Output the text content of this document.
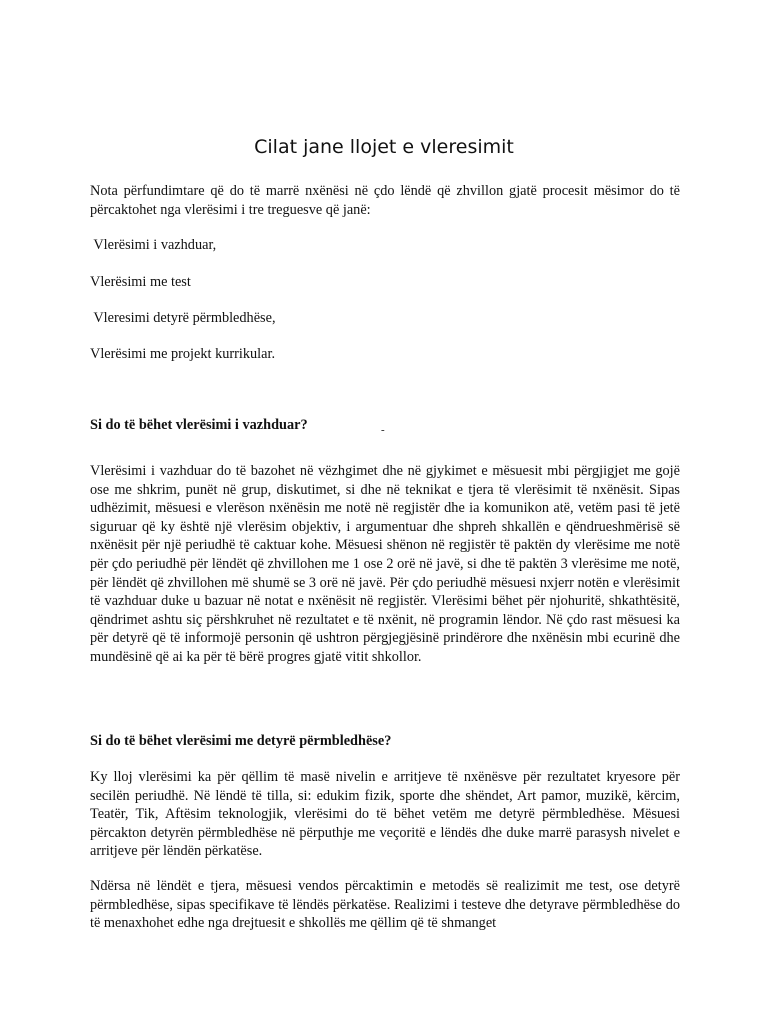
Cilat jane llojet e vleresimit
Nota përfundimtare që do të marrë nxënësi në çdo lëndë që zhvillon gjatë procesit mësimor do të përcaktohet nga vlerësimi i tre treguesve që janë:
Vlerësimi i vazhduar,
Vlerësimi me test
Vleresimi detyrë përmbledhëse,
Vlerësimi me projekt kurrikular.
Si do të bëhet vlerësimi i vazhduar?	-
Vlerësimi i vazhduar do të bazohet në vëzhgimet dhe në gjykimet e mësuesit mbi përgjigjet me gojë ose me shkrim, punët në grup, diskutimet, si dhe në teknikat e tjera të vlerësimit të nxënësit. Sipas udhëzimit, mësuesi e vlerëson nxënësin me notë në regjistër dhe ia komunikon atë, vetëm pasi të jetë siguruar që ky është një vlerësim objektiv, i argumentuar dhe shpreh shkallën e qëndrueshmërisë së nxënësit për një periudhë të caktuar kohe. Mësuesi shënon në regjistër të paktën dy vlerësime me notë për çdo periudhë për lëndët që zhvillohen me 1 ose 2 orë në javë, si dhe të paktën 3 vlerësime me notë, për lëndët që zhvillohen më shumë se 3 orë në javë. Për çdo periudhë mësuesi nxjerr notën e vlerësimit të vazhduar duke u bazuar në notat e nxënësit në regjistër. Vlerësimi bëhet për njohuritë, shkathtësitë, qëndrimet ashtu siç përshkruhet në rezultatet e të nxënit, në programin lëndor. Në çdo rast mësuesi ka për detyrë që të informojë personin që ushtron përgjegjësinë prindërore dhe nxënësin mbi ecurinë dhe mundësinë që ai ka për të bërë progres gjatë vitit shkollor.
Si do të bëhet vlerësimi me detyrë përmbledhëse?
Ky lloj vlerësimi ka për qëllim të masë nivelin e arritjeve të nxënësve për rezultatet kryesore për secilën periudhë. Në lëndë të tilla, si: edukim fizik, sporte dhe shëndet, Art pamor, muzikë, kërcim, Teatër, Tik, Aftësim teknologjik, vlerësimi do të bëhet vetëm me detyrë përmbledhëse. Mësuesi përcakton detyrën përmbledhëse në përputhje me veçoritë e lëndës dhe duke marrë parasysh nivelet e arritjeve për lëndën përkatëse.
Ndërsa në lëndët e tjera, mësuesi vendos përcaktimin e metodës së realizimit me test, ose detyrë përmbledhëse, sipas specifikave të lëndës përkatëse. Realizimi i testeve dhe detyrave përmbledhëse do të menaxhohet edhe nga drejtuesit e shkollës me qëllim që të shmanget
